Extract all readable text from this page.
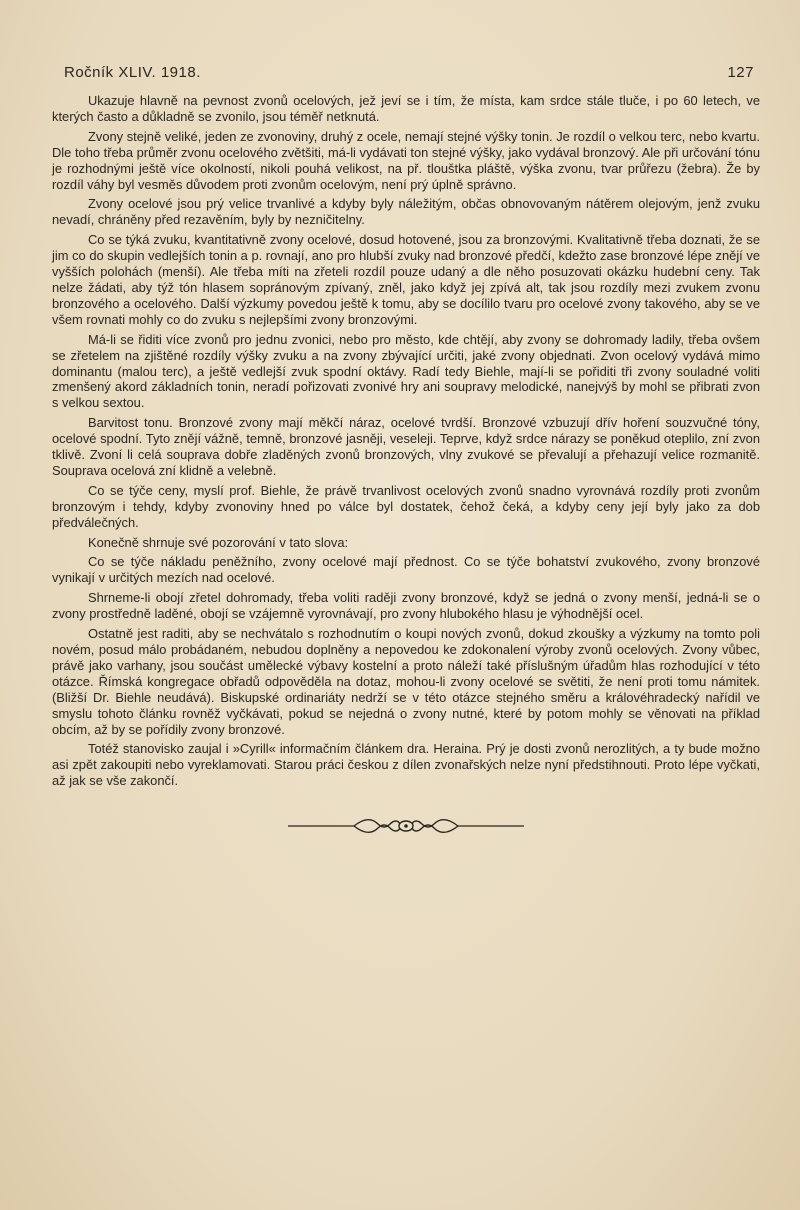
Ročník XLIV. 1918.	127

Ukazuje hlavně na pevnost zvonů ocelových, jež jeví se i tím, že místa, kam srdce stále tluče, i po 60 letech, ve kterých často a důkladně se zvonilo, jsou téměř netknutá.

Zvony stejně veliké, jeden ze zvonoviny, druhý z ocele, nemají stejné výšky tonin. Je rozdíl o velkou terc, nebo kvartu. Dle toho třeba průměr zvonu ocelového zvětšiti, má-li vydávati ton stejné výšky, jako vydával bronzový. Ale při určování tónu je rozhodnými ještě více okolností, nikoli pouhá velikost, na př. tlouštka pláště, výška zvonu, tvar průřezu (žebra). Že by rozdíl váhy byl vesměs důvodem proti zvonům ocelovým, není prý úplně správno.

Zvony ocelové jsou prý velice trvanlivé a kdyby byly náležitým, občas obnovovaným nátěrem olejovým, jenž zvuku nevadí, chráněny před rezavěním, byly by nezničitelny.

Co se týká zvuku, kvantitativně zvony ocelové, dosud hotovené, jsou za bronzovými. Kvalitativně třeba doznati, že se jim co do skupin vedlejších tonin a p. rovnají, ano pro hlubší zvuky nad bronzové předčí, kdežto zase bronzové lépe znějí ve vyšších polohách (menší). Ale třeba míti na zřeteli rozdíl pouze udaný a dle něho posuzovati okázku hudební ceny. Tak nelze žádati, aby týž tón hlasem sopránovým zpívaný, zněl, jako když jej zpívá alt, tak jsou rozdíly mezi zvukem zvonu bronzového a ocelového. Další výzkumy povedou ještě k tomu, aby se docílilo tvaru pro ocelové zvony takového, aby se ve všem rovnati mohly co do zvuku s nejlepšími zvony bronzovými.

Má-li se řiditi více zvonů pro jednu zvonici, nebo pro město, kde chtějí, aby zvony se dohromady ladily, třeba ovšem se zřetelem na zjištěné rozdíly výšky zvuku a na zvony zbývající určiti, jaké zvony objednati. Zvon ocelový vydává mimo dominantu (malou terc), a ještě vedlejší zvuk spodní oktávy. Radí tedy Biehle, mají-li se pořiditi tři zvony souladné voliti zmenšený akord základních tonin, neradí pořizovati zvonivé hry ani soupravy melodické, nanejvýš by mohl se přibrati zvon s velkou sextou.

Barvitost tonu. Bronzové zvony mají měkčí náraz, ocelové tvrdší. Bronzové vzbuzují dřív hoření souzvučné tóny, ocelové spodní. Tyto znějí vážně, temně, bronzové jasněji, veseleji. Teprve, když srdce nárazy se poněkud oteplilo, zní zvon tklivě. Zvoní li celá souprava dobře zladěných zvonů bronzových, vlny zvukové se převalují a přehazují velice rozmanitě. Souprava ocelová zní klidně a velebně.

Co se týče ceny, myslí prof. Biehle, že právě trvanlivost ocelových zvonů snadno vyrovnává rozdíly proti zvonům bronzovým i tehdy, kdyby zvonoviny hned po válce byl dostatek, čehož čeká, a kdyby ceny její byly jako za dob předválečných.

Konečně shrnuje své pozorování v tato slova:

Co se týče nákladu peněžního, zvony ocelové mají přednost. Co se týče bohatství zvukového, zvony bronzové vynikají v určitých mezích nad ocelové.

Shrneme-li obojí zřetel dohromady, třeba voliti raději zvony bronzové, když se jedná o zvony menší, jedná-li se o zvony prostředně laděné, obojí se vzájemně vyrovnávají, pro zvony hlubokého hlasu je výhodnější ocel.

Ostatně jest raditi, aby se nechvátalo s rozhodnutím o koupi nových zvonů, dokud zkoušky a výzkumy na tomto poli novém, posud málo probádaném, nebudou doplněny a nepovedou ke zdokonalení výroby zvonů ocelových. Zvony vůbec, právě jako varhany, jsou součást umělecké výbavy kostelní a proto náleží také příslušným úřadům hlas rozhodující v této otázce. Římská kongregace obřadů odpověděla na dotaz, mohou-li zvony ocelové se světiti, že není proti tomu námitek. (Bližší Dr. Biehle neudává). Biskupské ordinariáty nedrží se v této otázce stejného směru a královéhradecký nařídil ve smyslu tohoto článku rovněž vyčkávati, pokud se nejedná o zvony nutné, které by potom mohly se věnovati na příklad obcím, až by se pořídily zvony bronzové.

Totéž stanovisko zaujal i »Cyrill« informačním článkem dra. Heraina. Prý je dosti zvonů nerozlitých, a ty bude možno asi zpět zakoupiti nebo vyreklamovati. Starou práci českou z dílen zvonařských nelze nyní předstihnouti. Proto lépe vyčkati, až jak se vše zakončí.
